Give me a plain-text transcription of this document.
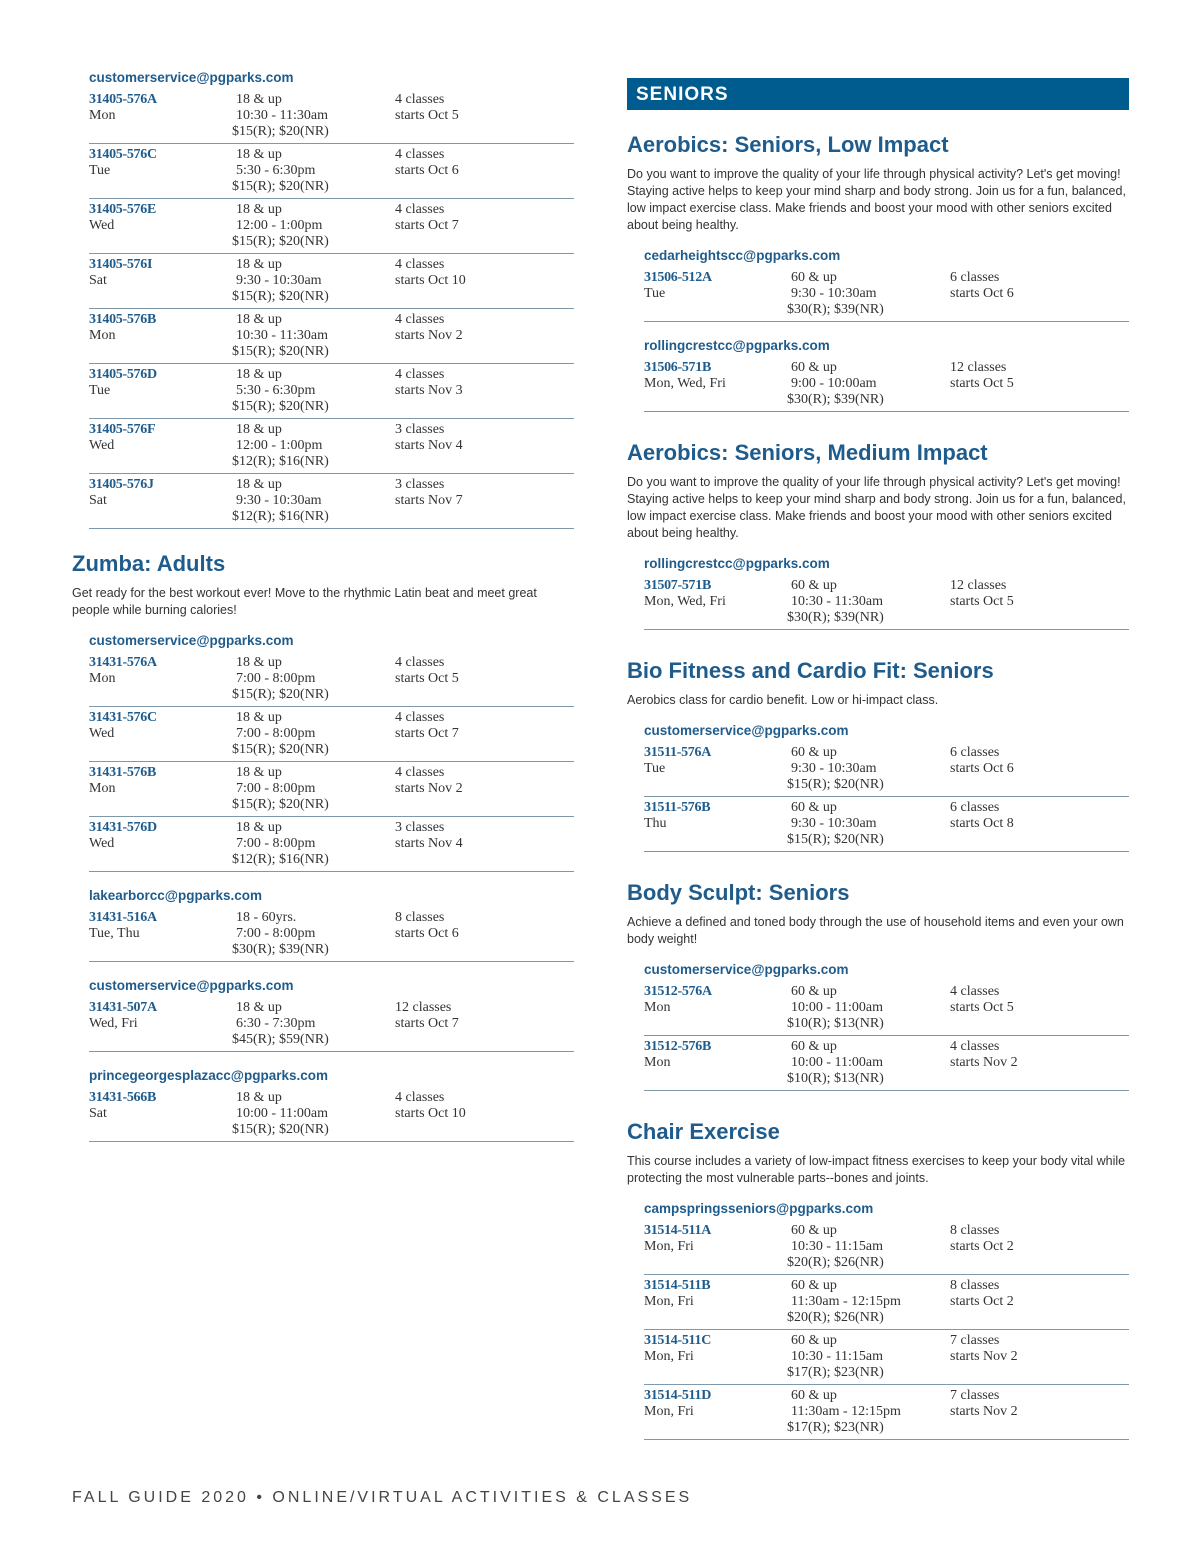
customerservice@pgparks.com
31405-576A	18 & up	4 classes
Mon	10:30 - 11:30am	starts Oct 5
$15(R); $20(NR)
31405-576C	18 & up	4 classes
Tue	5:30 - 6:30pm	starts Oct 6
$15(R); $20(NR)
31405-576E	18 & up	4 classes
Wed	12:00 - 1:00pm	starts Oct 7
$15(R); $20(NR)
31405-576I	18 & up	4 classes
Sat	9:30 - 10:30am	starts Oct 10
$15(R); $20(NR)
31405-576B	18 & up	4 classes
Mon	10:30 - 11:30am	starts Nov 2
$15(R); $20(NR)
31405-576D	18 & up	4 classes
Tue	5:30 - 6:30pm	starts Nov 3
$15(R); $20(NR)
31405-576F	18 & up	3 classes
Wed	12:00 - 1:00pm	starts Nov 4
$12(R); $16(NR)
31405-576J	18 & up	3 classes
Sat	9:30 - 10:30am	starts Nov 7
$12(R); $16(NR)
Zumba: Adults
Get ready for the best workout ever! Move to the rhythmic Latin beat and meet great people while burning calories!
customerservice@pgparks.com
31431-576A	18 & up	4 classes
Mon	7:00 - 8:00pm	starts Oct 5
$15(R); $20(NR)
31431-576C	18 & up	4 classes
Wed	7:00 - 8:00pm	starts Oct 7
$15(R); $20(NR)
31431-576B	18 & up	4 classes
Mon	7:00 - 8:00pm	starts Nov 2
$15(R); $20(NR)
31431-576D	18 & up	3 classes
Wed	7:00 - 8:00pm	starts Nov 4
$12(R); $16(NR)
lakearborcc@pgparks.com
31431-516A	18 - 60yrs.	8 classes
Tue, Thu	7:00 - 8:00pm	starts Oct 6
$30(R); $39(NR)
customerservice@pgparks.com
31431-507A	18 & up	12 classes
Wed, Fri	6:30 - 7:30pm	starts Oct 7
$45(R); $59(NR)
princegeorgesplazacc@pgparks.com
31431-566B	18 & up	4 classes
Sat	10:00 - 11:00am	starts Oct 10
$15(R); $20(NR)
SENIORS
Aerobics: Seniors, Low Impact
Do you want to improve the quality of your life through physical activity? Let's get moving! Staying active helps to keep your mind sharp and body strong. Join us for a fun, balanced, low impact exercise class. Make friends and boost your mood with other seniors excited about being healthy.
cedarheightscc@pgparks.com
31506-512A	60 & up	6 classes
Tue	9:30 - 10:30am	starts Oct 6
$30(R); $39(NR)
rollingcrestcc@pgparks.com
31506-571B	60 & up	12 classes
Mon, Wed, Fri	9:00 - 10:00am	starts Oct 5
$30(R); $39(NR)
Aerobics: Seniors, Medium Impact
Do you want to improve the quality of your life through physical activity? Let's get moving! Staying active helps to keep your mind sharp and body strong. Join us for a fun, balanced, low impact exercise class. Make friends and boost your mood with other seniors excited about being healthy.
rollingcrestcc@pgparks.com
31507-571B	60 & up	12 classes
Mon, Wed, Fri	10:30 - 11:30am	starts Oct 5
$30(R); $39(NR)
Bio Fitness and Cardio Fit: Seniors
Aerobics class for cardio benefit. Low or hi-impact class.
customerservice@pgparks.com
31511-576A	60 & up	6 classes
Tue	9:30 - 10:30am	starts Oct 6
$15(R); $20(NR)
31511-576B	60 & up	6 classes
Thu	9:30 - 10:30am	starts Oct 8
$15(R); $20(NR)
Body Sculpt: Seniors
Achieve a defined and toned body through the use of household items and even your own body weight!
customerservice@pgparks.com
31512-576A	60 & up	4 classes
Mon	10:00 - 11:00am	starts Oct 5
$10(R); $13(NR)
31512-576B	60 & up	4 classes
Mon	10:00 - 11:00am	starts Nov 2
$10(R); $13(NR)
Chair Exercise
This course includes a variety of low-impact fitness exercises to keep your body vital while protecting the most vulnerable parts--bones and joints.
campspringsseniors@pgparks.com
31514-511A	60 & up	8 classes
Mon, Fri	10:30 - 11:15am	starts Oct 2
$20(R); $26(NR)
31514-511B	60 & up	8 classes
Mon, Fri	11:30am - 12:15pm	starts Oct 2
$20(R); $26(NR)
31514-511C	60 & up	7 classes
Mon, Fri	10:30 - 11:15am	starts Nov 2
$17(R); $23(NR)
31514-511D	60 & up	7 classes
Mon, Fri	11:30am - 12:15pm	starts Nov 2
$17(R); $23(NR)
FALL GUIDE 2020 • ONLINE/VIRTUAL ACTIVITIES & CLASSES
